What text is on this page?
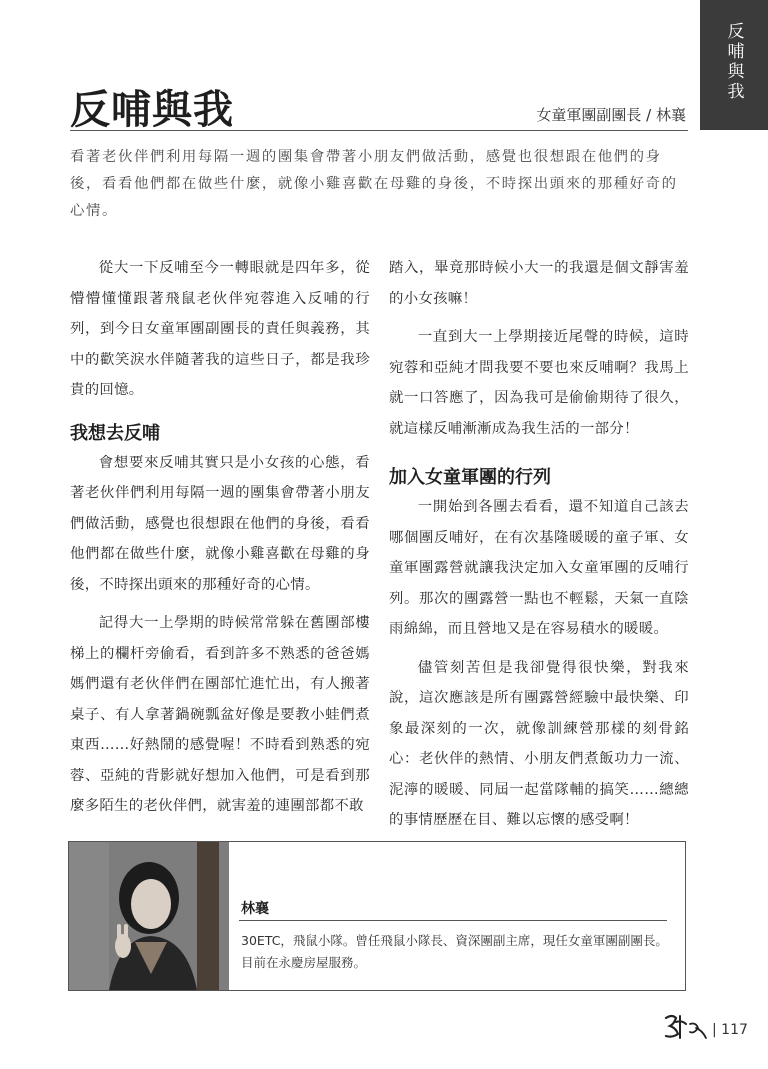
反哺與我
反哺與我	女童軍團副團長 / 林襄

看著老伙伴們利用每隔一週的團集會帶著小朋友們做活動，感覺也很想跟在他們的身後，看看他們都在做些什麼，就像小雞喜歡在母雞的身後，不時探出頭來的那種好奇的心情。

從大一下反哺至今一轉眼就是四年多，從懵懵懂懂跟著飛鼠老伙伴宛蓉進入反哺的行列，到今日女童軍團副團長的責任與義務，其中的歡笑淚水伴隨著我的這些日子，都是我珍貴的回憶。

我想去反哺

會想要來反哺其實只是小女孩的心態，看著老伙伴們利用每隔一週的團集會帶著小朋友們做活動，感覺也很想跟在他們的身後，看看他們都在做些什麼，就像小雞喜歡在母雞的身後，不時探出頭來的那種好奇的心情。

記得大一上學期的時候常常躲在舊團部樓梯上的欄杆旁偷看，看到許多不熟悉的爸爸媽媽們還有老伙伴們在團部忙進忙出，有人搬著桌子、有人拿著鍋碗瓢盆好像是要教小蛙們煮東西……好熱鬧的感覺喔！不時看到熟悉的宛蓉、亞純的背影就好想加入他們，可是看到那麼多陌生的老伙伴們，就害羞的連團部都不敢

踏入，畢竟那時候小大一的我還是個文靜害羞的小女孩嘛！

一直到大一上學期接近尾聲的時候，這時宛蓉和亞純才問我要不要也來反哺啊？我馬上就一口答應了，因為我可是偷偷期待了很久，就這樣反哺漸漸成為我生活的一部分！

加入女童軍團的行列

一開始到各團去看看，還不知道自己該去哪個團反哺好，在有次基隆暖暖的童子軍、女童軍團露營就讓我決定加入女童軍團的反哺行列。那次的團露營一點也不輕鬆，天氣一直陰雨綿綿，而且營地又是在容易積水的暖暖。

儘管刻苦但是我卻覺得很快樂，對我來說，這次應該是所有團露營經驗中最快樂、印象最深刻的一次，就像訓練營那樣的刻骨銘心：老伙伴的熱情、小朋友們煮飯功力一流、泥濘的暖暖、同屆一起當隊輔的搞笑……總總的事情歷歷在目、難以忘懷的感受啊！

林襄

30ETC，飛鼠小隊。曾任飛鼠小隊長、資深團副主席，現任女童軍團副團長。目前在永慶房屋服務。

| 117
